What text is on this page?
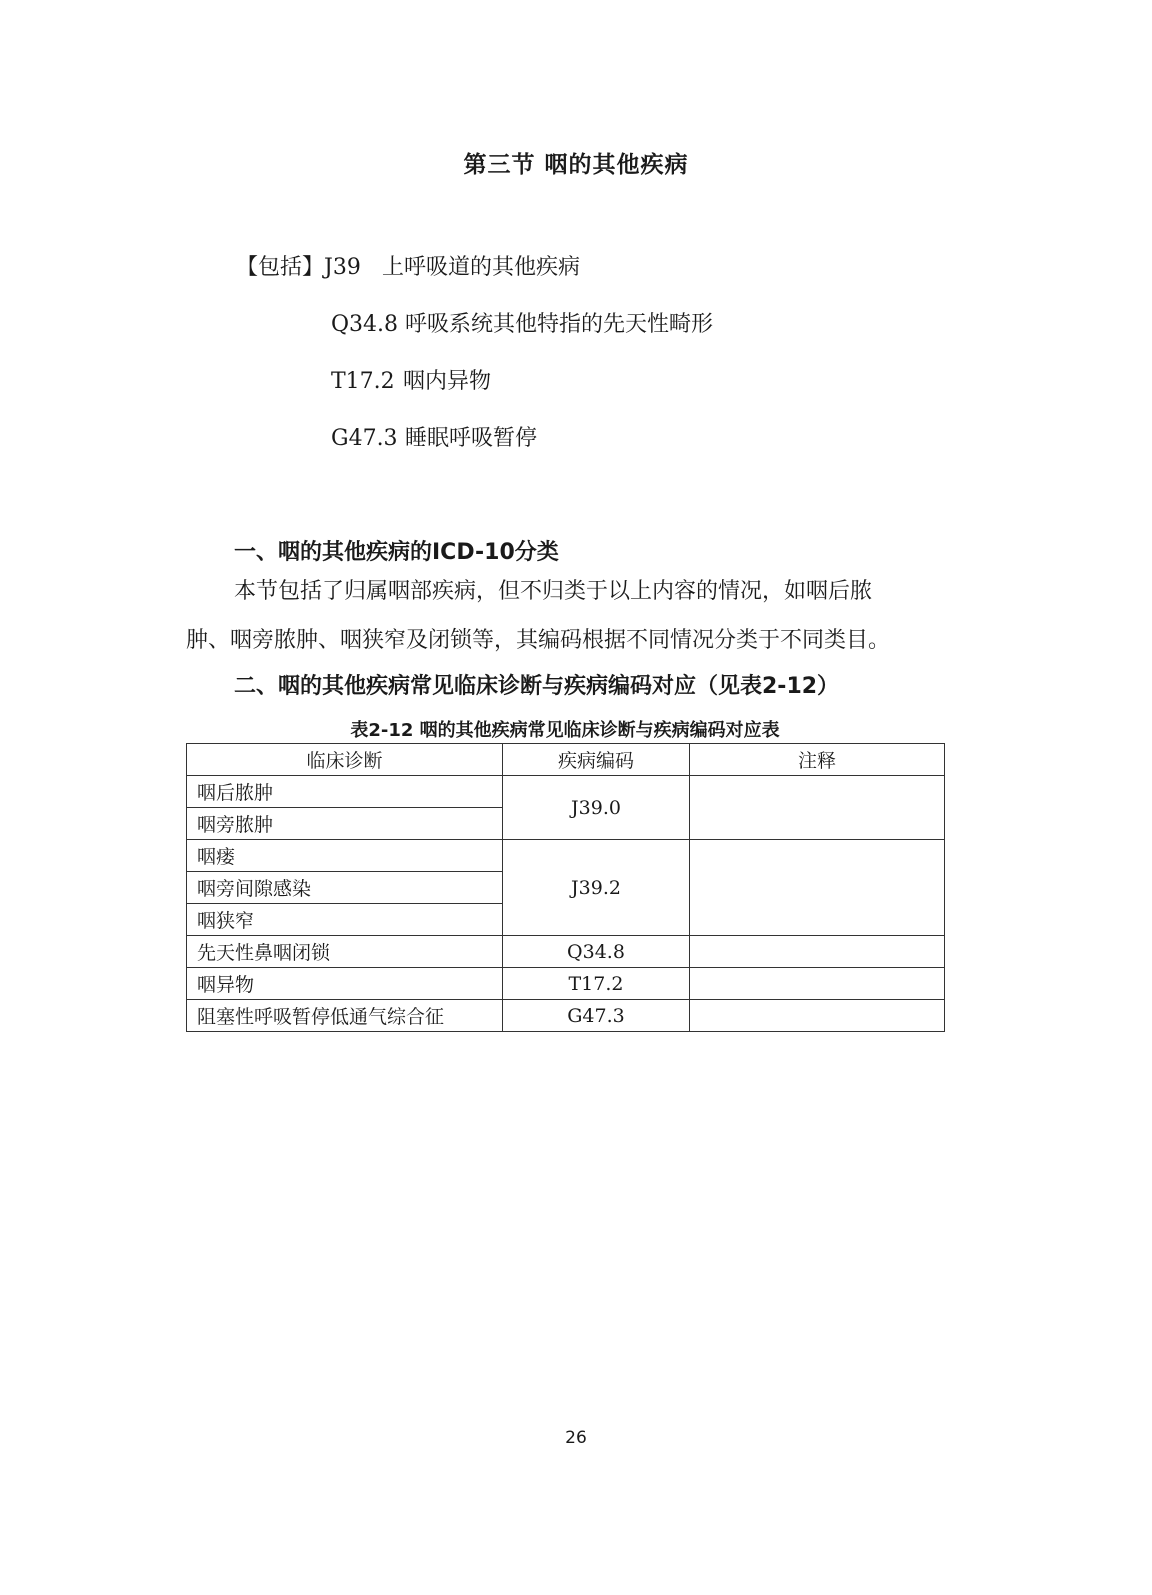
第三节 咽的其他疾病
【包括】J39 上呼吸道的其他疾病
Q34.8 呼吸系统其他特指的先天性畸形
T17.2 咽内异物
G47.3 睡眠呼吸暂停
一、咽的其他疾病的ICD-10分类
本节包括了归属咽部疾病，但不归类于以上内容的情况，如咽后脓
肿、咽旁脓肿、咽狭窄及闭锁等，其编码根据不同情况分类于不同类目。
二、咽的其他疾病常见临床诊断与疾病编码对应（见表2-12）
表2-12 咽的其他疾病常见临床诊断与疾病编码对应表
临床诊断	疾病编码	注释
咽后脓肿	J39.0	
咽旁脓肿		
咽瘘	J39.2	
咽旁间隙感染		
咽狭窄		
先天性鼻咽闭锁	Q34.8	
咽异物	T17.2	
阻塞性呼吸暂停低通气综合征	G47.3	
26
